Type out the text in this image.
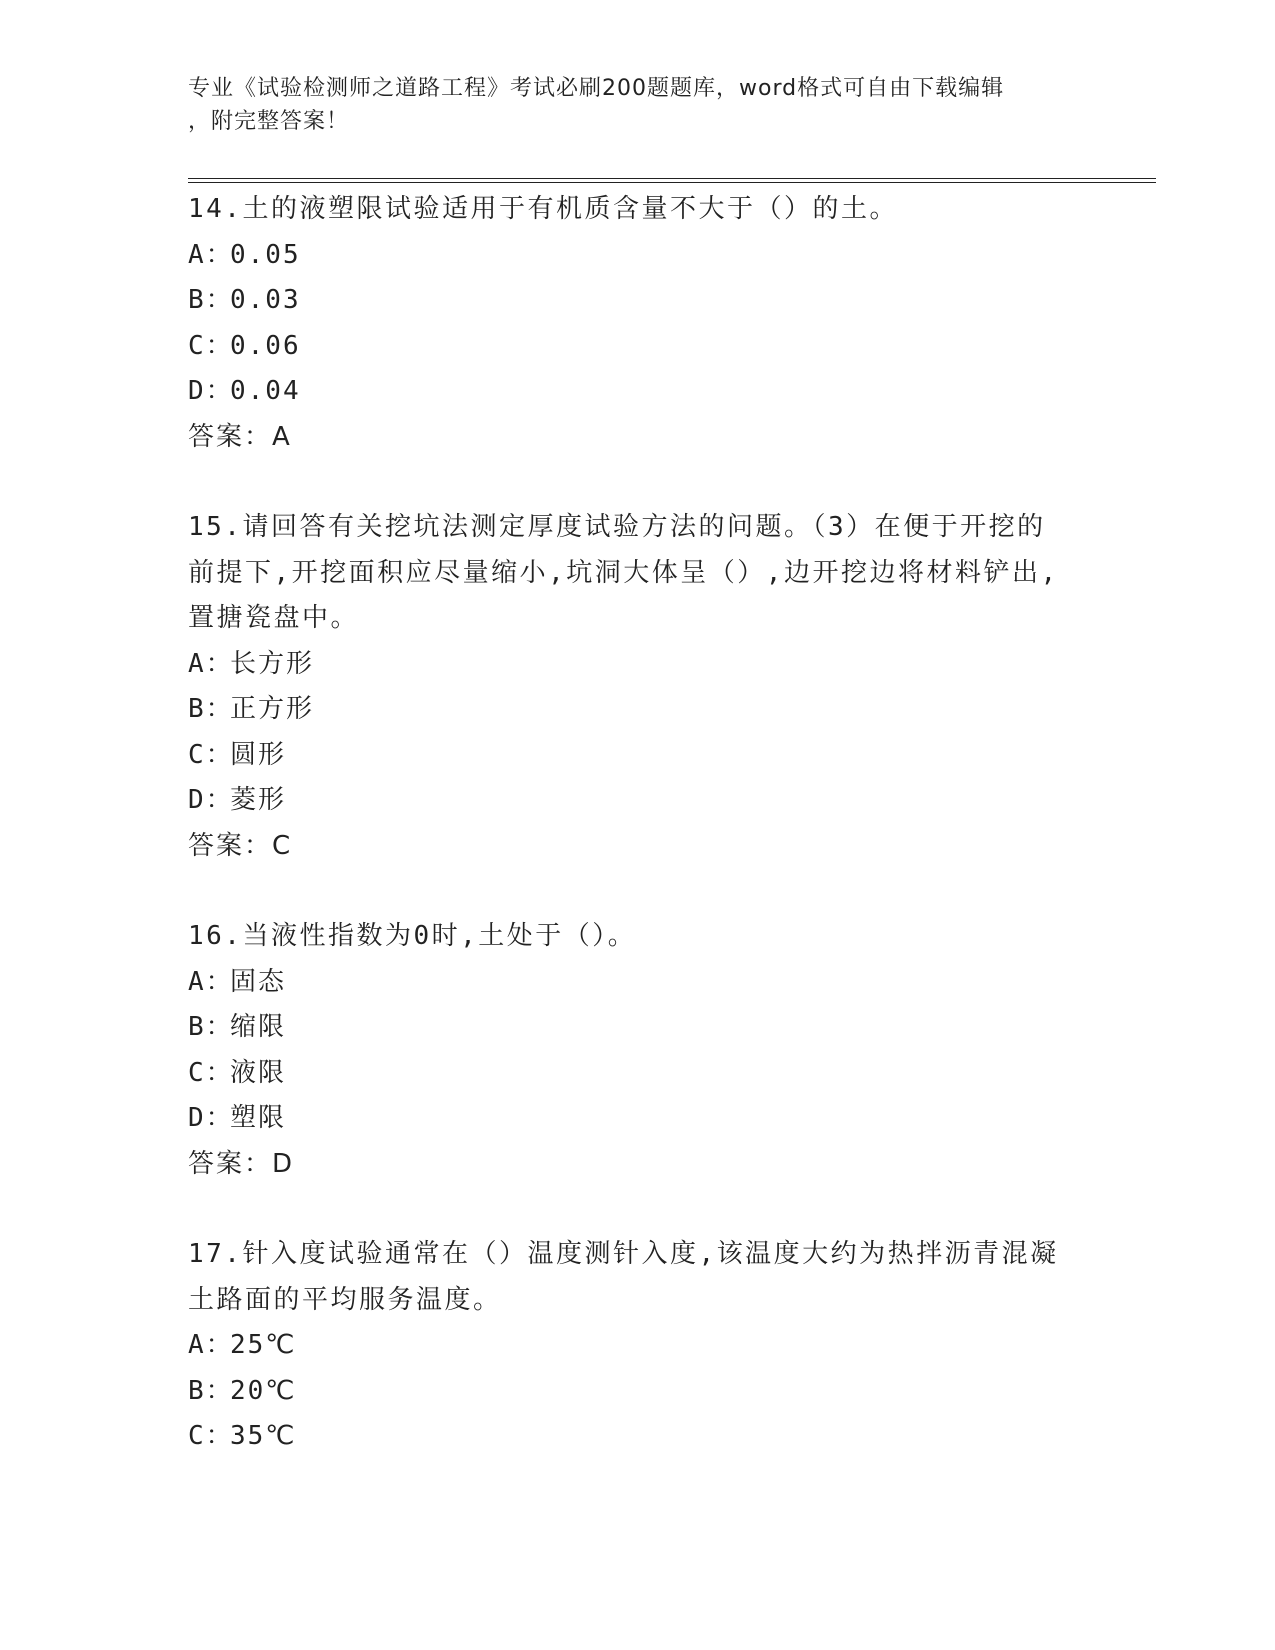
专业《试验检测师之道路工程》考试必刷200题题库，word格式可自由下载编辑
，附完整答案！

14.土的液塑限试验适用于有机质含量不大于（）的土。

A：0.05

B：0.03

C：0.06

D：0.04

答案：A

15.请回答有关挖坑法测定厚度试验方法的问题。（3）在便于开挖的前提下,开挖面积应尽量缩小,坑洞大体呈（）,边开挖边将材料铲出,置搪瓷盘中。

A：长方形

B：正方形

C：圆形

D：菱形

答案：C

16.当液性指数为0时,土处于（）。

A：固态

B：缩限

C：液限

D：塑限

答案：D

17.针入度试验通常在（）温度测针入度,该温度大约为热拌沥青混凝土路面的平均服务温度。

A：25℃

B：20℃

C：35℃
